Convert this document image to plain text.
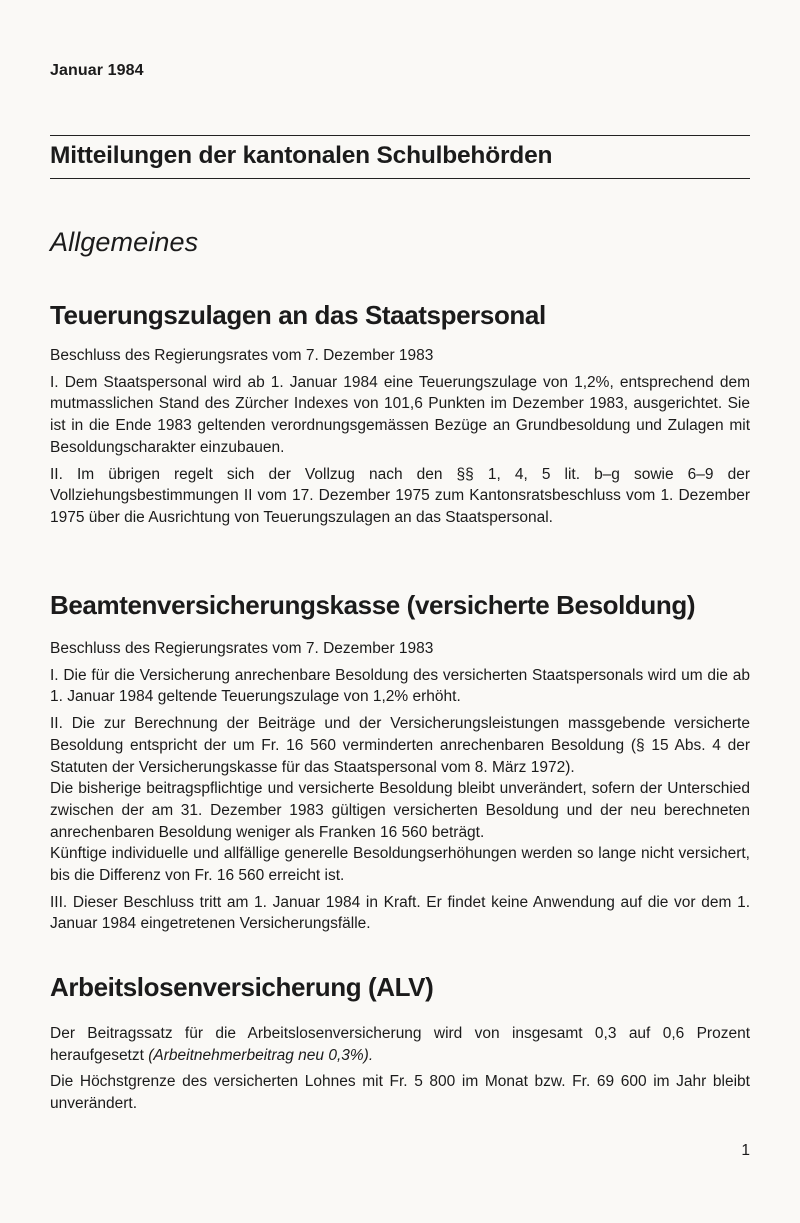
Januar 1984
Mitteilungen der kantonalen Schulbehörden
Allgemeines
Teuerungszulagen an das Staatspersonal

Beschluss des Regierungsrates vom 7. Dezember 1983

I. Dem Staatspersonal wird ab 1. Januar 1984 eine Teuerungszulage von 1,2%, entsprechend dem mutmasslichen Stand des Zürcher Indexes von 101,6 Punkten im Dezember 1983, ausgerichtet. Sie ist in die Ende 1983 geltenden verordnungsgemässen Bezüge an Grundbesoldung und Zulagen mit Besoldungscharakter einzubauen.

II. Im übrigen regelt sich der Vollzug nach den §§ 1, 4, 5 lit. b–g sowie 6–9 der Vollziehungsbestimmungen II vom 17. Dezember 1975 zum Kantonsratsbeschluss vom 1. Dezember 1975 über die Ausrichtung von Teuerungszulagen an das Staatspersonal.

Beamtenversicherungskasse (versicherte Besoldung)

Beschluss des Regierungsrates vom 7. Dezember 1983

I. Die für die Versicherung anrechenbare Besoldung des versicherten Staatspersonals wird um die ab 1. Januar 1984 geltende Teuerungszulage von 1,2% erhöht.

II. Die zur Berechnung der Beiträge und der Versicherungsleistungen massgebende versicherte Besoldung entspricht der um Fr. 16 560 verminderten anrechenbaren Besoldung (§ 15 Abs. 4 der Statuten der Versicherungskasse für das Staatspersonal vom 8. März 1972).

Die bisherige beitragspflichtige und versicherte Besoldung bleibt unverändert, sofern der Unterschied zwischen der am 31. Dezember 1983 gültigen versicherten Besoldung und der neu berechneten anrechenbaren Besoldung weniger als Franken 16 560 beträgt.

Künftige individuelle und allfällige generelle Besoldungserhöhungen werden so lange nicht versichert, bis die Differenz von Fr. 16 560 erreicht ist.

III. Dieser Beschluss tritt am 1. Januar 1984 in Kraft. Er findet keine Anwendung auf die vor dem 1. Januar 1984 eingetretenen Versicherungsfälle.

Arbeitslosenversicherung (ALV)

Der Beitragssatz für die Arbeitslosenversicherung wird von insgesamt 0,3 auf 0,6 Prozent heraufgesetzt (Arbeitnehmerbeitrag neu 0,3%).

Die Höchstgrenze des versicherten Lohnes mit Fr. 5 800 im Monat bzw. Fr. 69 600 im Jahr bleibt unverändert.

1
